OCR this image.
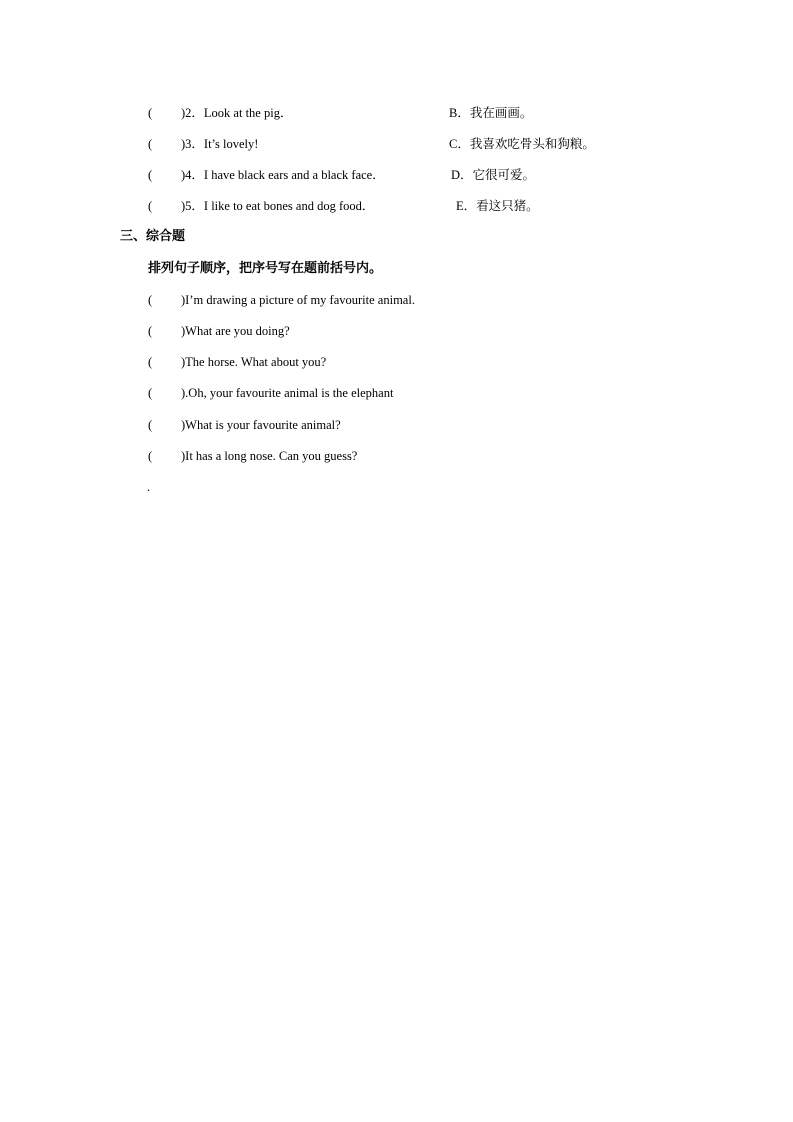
( )2．Look at the pig．	B．我在画画。
( )3．It’s lovely!	C．我喜欢吃骨头和狗粮。
( )4．I have black ears and a black face．	D．它很可爱。
( )5．I like to eat bones and dog food．	E．看这只猪。
三、综合题
排列句子顺序，把序号写在题前括号内。
( )I’m drawing a picture of my favourite animal.
( )What are you doing?
( )The horse. What about you?
( ).Oh, your favourite animal is the elephant
( )What is your favourite animal?
( )It has a long nose. Can you guess?
.
